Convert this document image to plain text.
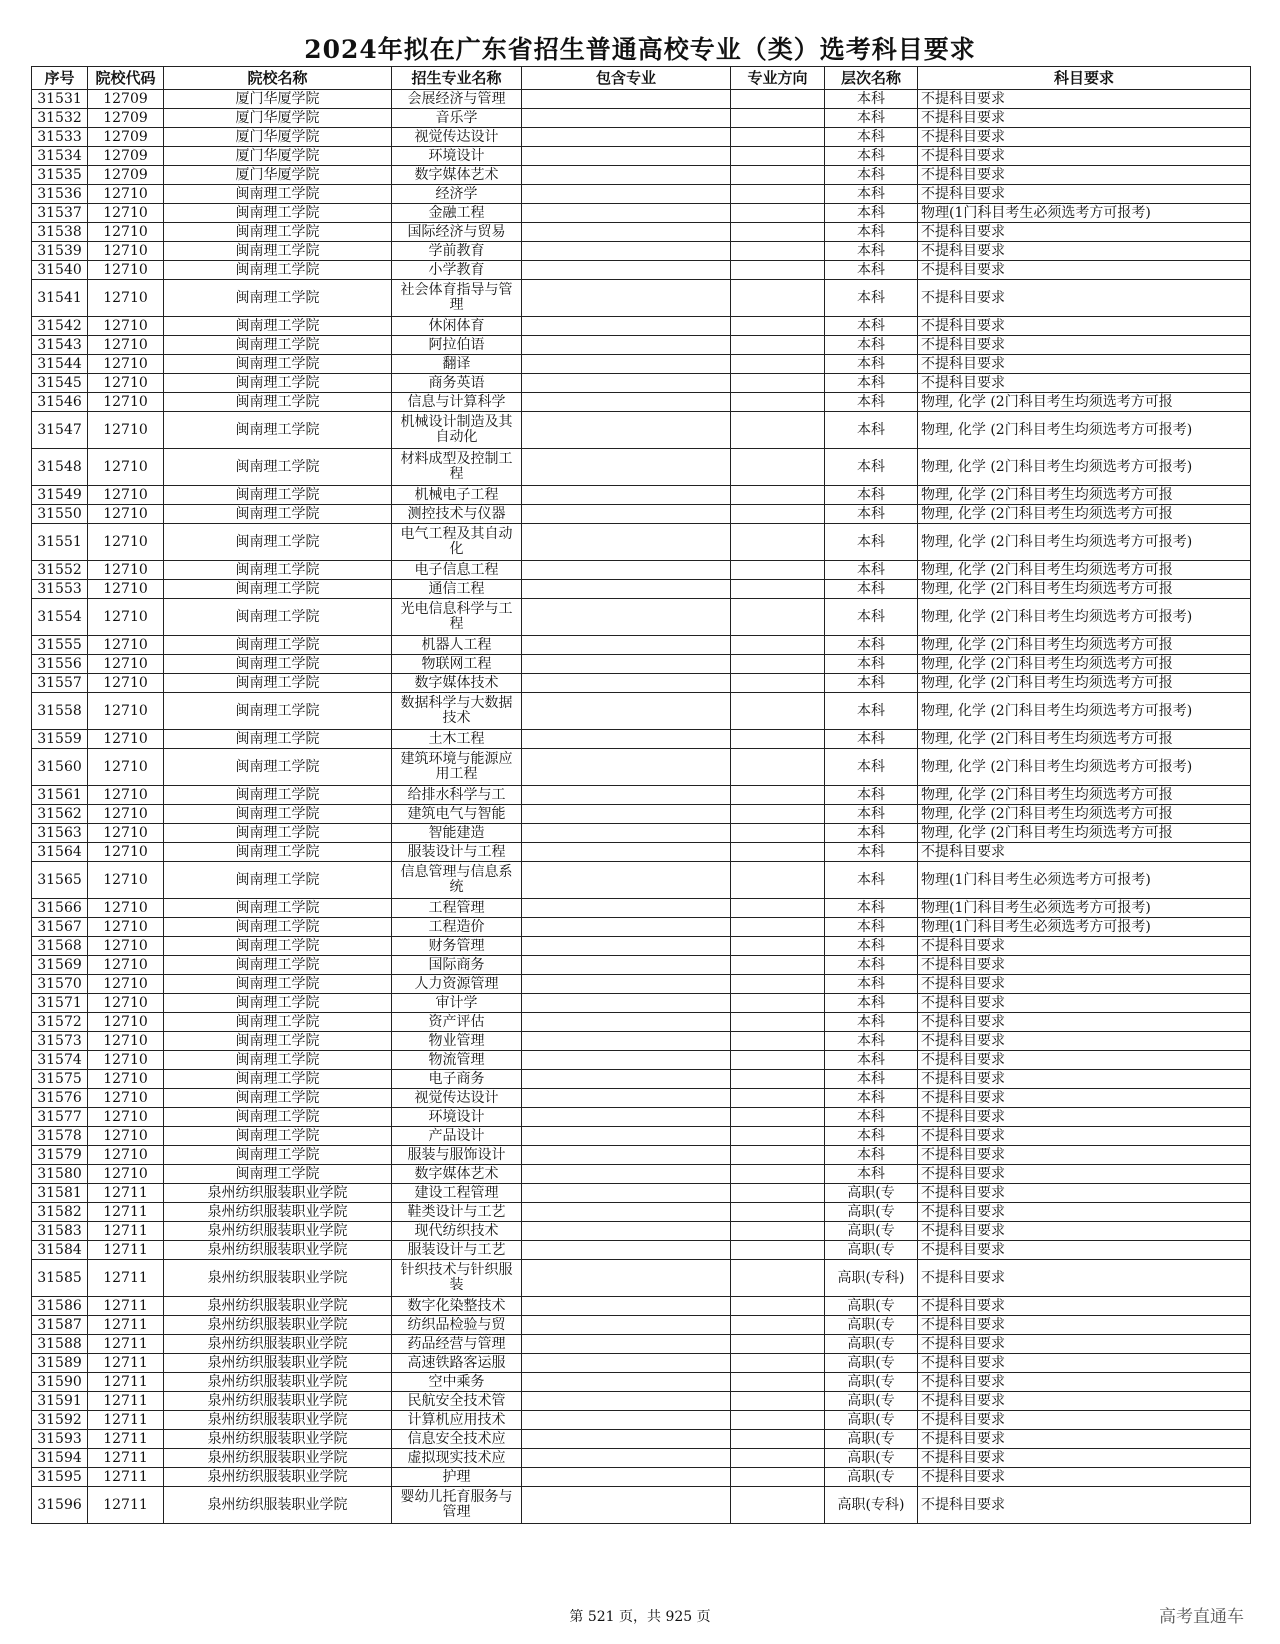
2024年拟在广东省招生普通高校专业（类）选考科目要求
序号	院校代码	院校名称	招生专业名称	包含专业	专业方向	层次名称	科目要求
31531	12709	厦门华厦学院	会展经济与管理			本科	不提科目要求
31532	12709	厦门华厦学院	音乐学			本科	不提科目要求
31533	12709	厦门华厦学院	视觉传达设计			本科	不提科目要求
31534	12709	厦门华厦学院	环境设计			本科	不提科目要求
31535	12709	厦门华厦学院	数字媒体艺术			本科	不提科目要求
31536	12710	闽南理工学院	经济学			本科	不提科目要求
31537	12710	闽南理工学院	金融工程			本科	物理(1门科目考生必须选考方可报考)
31538	12710	闽南理工学院	国际经济与贸易			本科	不提科目要求
31539	12710	闽南理工学院	学前教育			本科	不提科目要求
31540	12710	闽南理工学院	小学教育			本科	不提科目要求
31541	12710	闽南理工学院	社会体育指导与管理			本科	不提科目要求
31542	12710	闽南理工学院	休闲体育			本科	不提科目要求
31543	12710	闽南理工学院	阿拉伯语			本科	不提科目要求
31544	12710	闽南理工学院	翻译			本科	不提科目要求
31545	12710	闽南理工学院	商务英语			本科	不提科目要求
31546	12710	闽南理工学院	信息与计算科学			本科	物理, 化学 (2门科目考生均须选考方可报
31547	12710	闽南理工学院	机械设计制造及其自动化			本科	物理, 化学 (2门科目考生均须选考方可报考)
31548	12710	闽南理工学院	材料成型及控制工程			本科	物理, 化学 (2门科目考生均须选考方可报考)
31549	12710	闽南理工学院	机械电子工程			本科	物理, 化学 (2门科目考生均须选考方可报
31550	12710	闽南理工学院	测控技术与仪器			本科	物理, 化学 (2门科目考生均须选考方可报
31551	12710	闽南理工学院	电气工程及其自动化			本科	物理, 化学 (2门科目考生均须选考方可报考)
31552	12710	闽南理工学院	电子信息工程			本科	物理, 化学 (2门科目考生均须选考方可报
31553	12710	闽南理工学院	通信工程			本科	物理, 化学 (2门科目考生均须选考方可报
31554	12710	闽南理工学院	光电信息科学与工程			本科	物理, 化学 (2门科目考生均须选考方可报考)
31555	12710	闽南理工学院	机器人工程			本科	物理, 化学 (2门科目考生均须选考方可报
31556	12710	闽南理工学院	物联网工程			本科	物理, 化学 (2门科目考生均须选考方可报
31557	12710	闽南理工学院	数字媒体技术			本科	物理, 化学 (2门科目考生均须选考方可报
31558	12710	闽南理工学院	数据科学与大数据技术			本科	物理, 化学 (2门科目考生均须选考方可报考)
31559	12710	闽南理工学院	土木工程			本科	物理, 化学 (2门科目考生均须选考方可报
31560	12710	闽南理工学院	建筑环境与能源应用工程			本科	物理, 化学 (2门科目考生均须选考方可报考)
31561	12710	闽南理工学院	给排水科学与工			本科	物理, 化学 (2门科目考生均须选考方可报
31562	12710	闽南理工学院	建筑电气与智能			本科	物理, 化学 (2门科目考生均须选考方可报
31563	12710	闽南理工学院	智能建造			本科	物理, 化学 (2门科目考生均须选考方可报
31564	12710	闽南理工学院	服装设计与工程			本科	不提科目要求
31565	12710	闽南理工学院	信息管理与信息系统			本科	物理(1门科目考生必须选考方可报考)
31566	12710	闽南理工学院	工程管理			本科	物理(1门科目考生必须选考方可报考)
31567	12710	闽南理工学院	工程造价			本科	物理(1门科目考生必须选考方可报考)
31568	12710	闽南理工学院	财务管理			本科	不提科目要求
31569	12710	闽南理工学院	国际商务			本科	不提科目要求
31570	12710	闽南理工学院	人力资源管理			本科	不提科目要求
31571	12710	闽南理工学院	审计学			本科	不提科目要求
31572	12710	闽南理工学院	资产评估			本科	不提科目要求
31573	12710	闽南理工学院	物业管理			本科	不提科目要求
31574	12710	闽南理工学院	物流管理			本科	不提科目要求
31575	12710	闽南理工学院	电子商务			本科	不提科目要求
31576	12710	闽南理工学院	视觉传达设计			本科	不提科目要求
31577	12710	闽南理工学院	环境设计			本科	不提科目要求
31578	12710	闽南理工学院	产品设计			本科	不提科目要求
31579	12710	闽南理工学院	服装与服饰设计			本科	不提科目要求
31580	12710	闽南理工学院	数字媒体艺术			本科	不提科目要求
31581	12711	泉州纺织服装职业学院	建设工程管理			高职(专	不提科目要求
31582	12711	泉州纺织服装职业学院	鞋类设计与工艺			高职(专	不提科目要求
31583	12711	泉州纺织服装职业学院	现代纺织技术			高职(专	不提科目要求
31584	12711	泉州纺织服装职业学院	服装设计与工艺			高职(专	不提科目要求
31585	12711	泉州纺织服装职业学院	针织技术与针织服装			高职(专科)	不提科目要求
31586	12711	泉州纺织服装职业学院	数字化染整技术			高职(专	不提科目要求
31587	12711	泉州纺织服装职业学院	纺织品检验与贸			高职(专	不提科目要求
31588	12711	泉州纺织服装职业学院	药品经营与管理			高职(专	不提科目要求
31589	12711	泉州纺织服装职业学院	高速铁路客运服			高职(专	不提科目要求
31590	12711	泉州纺织服装职业学院	空中乘务			高职(专	不提科目要求
31591	12711	泉州纺织服装职业学院	民航安全技术管			高职(专	不提科目要求
31592	12711	泉州纺织服装职业学院	计算机应用技术			高职(专	不提科目要求
31593	12711	泉州纺织服装职业学院	信息安全技术应			高职(专	不提科目要求
31594	12711	泉州纺织服装职业学院	虚拟现实技术应			高职(专	不提科目要求
31595	12711	泉州纺织服装职业学院	护理			高职(专	不提科目要求
31596	12711	泉州纺织服装职业学院	婴幼儿托育服务与管理			高职(专科)	不提科目要求
第 521 页，共 925 页	高考直通车
